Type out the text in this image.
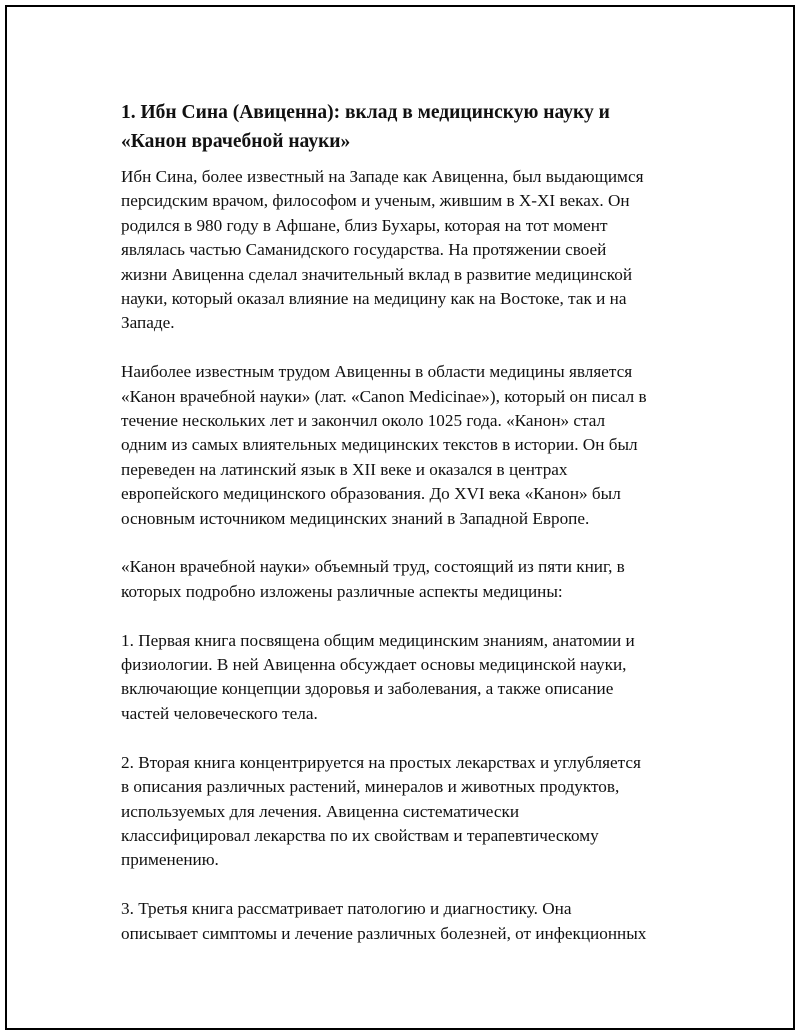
1. Ибн Сина (Авиценна): вклад в медицинскую науку и
«Канон врачебной науки»

Ибн Сина, более известный на Западе как Авиценна, был выдающимся
персидским врачом, философом и ученым, жившим в X-XI веках. Он
родился в 980 году в Афшане, близ Бухары, которая на тот момент
являлась частью Саманидского государства. На протяжении своей
жизни Авиценна сделал значительный вклад в развитие медицинской
науки, который оказал влияние на медицину как на Востоке, так и на
Западе.

Наиболее известным трудом Авиценны в области медицины является
«Канон врачебной науки» (лат. «Canon Medicinae»), который он писал в
течение нескольких лет и закончил около 1025 года. «Канон» стал
одним из самых влиятельных медицинских текстов в истории. Он был
переведен на латинский язык в XII веке и оказался в центрах
европейского медицинского образования. До XVI века «Канон» был
основным источником медицинских знаний в Западной Европе.

«Канон врачебной науки» объемный труд, состоящий из пяти книг, в
которых подробно изложены различные аспекты медицины:

1. Первая книга посвящена общим медицинским знаниям, анатомии и
физиологии. В ней Авиценна обсуждает основы медицинской науки,
включающие концепции здоровья и заболевания, а также описание
частей человеческого тела.

2. Вторая книга концентрируется на простых лекарствах и углубляется
в описания различных растений, минералов и животных продуктов,
используемых для лечения. Авиценна систематически
классифицировал лекарства по их свойствам и терапевтическому
применению.

3. Третья книга рассматривает патологию и диагностику. Она
описывает симптомы и лечение различных болезней, от инфекционных
